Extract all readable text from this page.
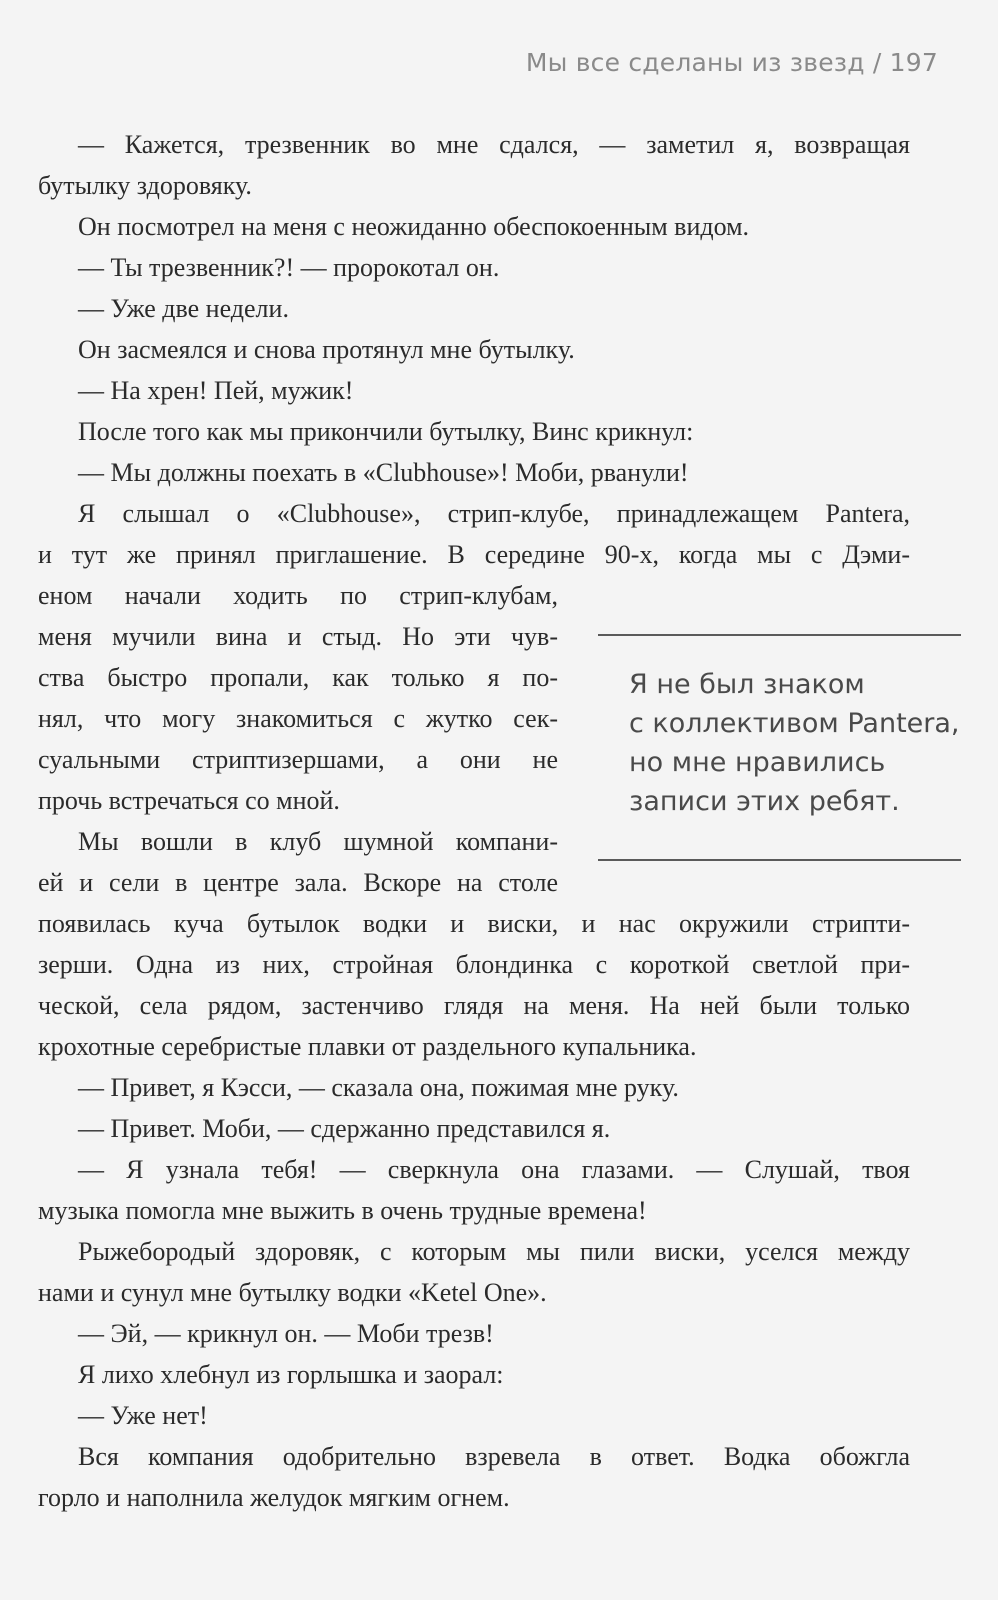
Мы все сделаны из звезд / 197
— Кажется, трезвенник во мне сдался, — заметил я, возвращая
бутылку здоровяку.
Он посмотрел на меня с неожиданно обеспокоенным видом.
— Ты трезвенник?! — пророкотал он.
— Уже две недели.
Он засмеялся и снова протянул мне бутылку.
— На хрен! Пей, мужик!
После того как мы прикончили бутылку, Винс крикнул:
— Мы должны поехать в «Clubhouse»! Моби, рванули!
Я слышал о «Clubhouse», стрип-клубе, принадлежащем Pantera,
и тут же принял приглашение. В середине 90-х, когда мы с Дэми-
еном начали ходить по стрип-клубам,
меня мучили вина и стыд. Но эти чув-
ства быстро пропали, как только я по-
нял, что могу знакомиться с жутко сек-
суальными стриптизершами, а они не
прочь встречаться со мной.
Мы вошли в клуб шумной компани-
ей и сели в центре зала. Вскоре на столе
появилась куча бутылок водки и виски, и нас окружили стрипти-
зерши. Одна из них, стройная блондинка с короткой светлой при-
ческой, села рядом, застенчиво глядя на меня. На ней были только
крохотные серебристые плавки от раздельного купальника.
— Привет, я Кэсси, — сказала она, пожимая мне руку.
— Привет. Моби, — сдержанно представился я.
— Я узнала тебя! — сверкнула она глазами. — Слушай, твоя
музыка помогла мне выжить в очень трудные времена!
Рыжебородый здоровяк, с которым мы пили виски, уселся между
нами и сунул мне бутылку водки «Ketel One».
— Эй, — крикнул он. — Моби трезв!
Я лихо хлебнул из горлышка и заорал:
— Уже нет!
Вся компания одобрительно взревела в ответ. Водка обожгла
горло и наполнила желудок мягким огнем.
Я не был знаком
с коллективом Pantera,
но мне нравились
записи этих ребят.
